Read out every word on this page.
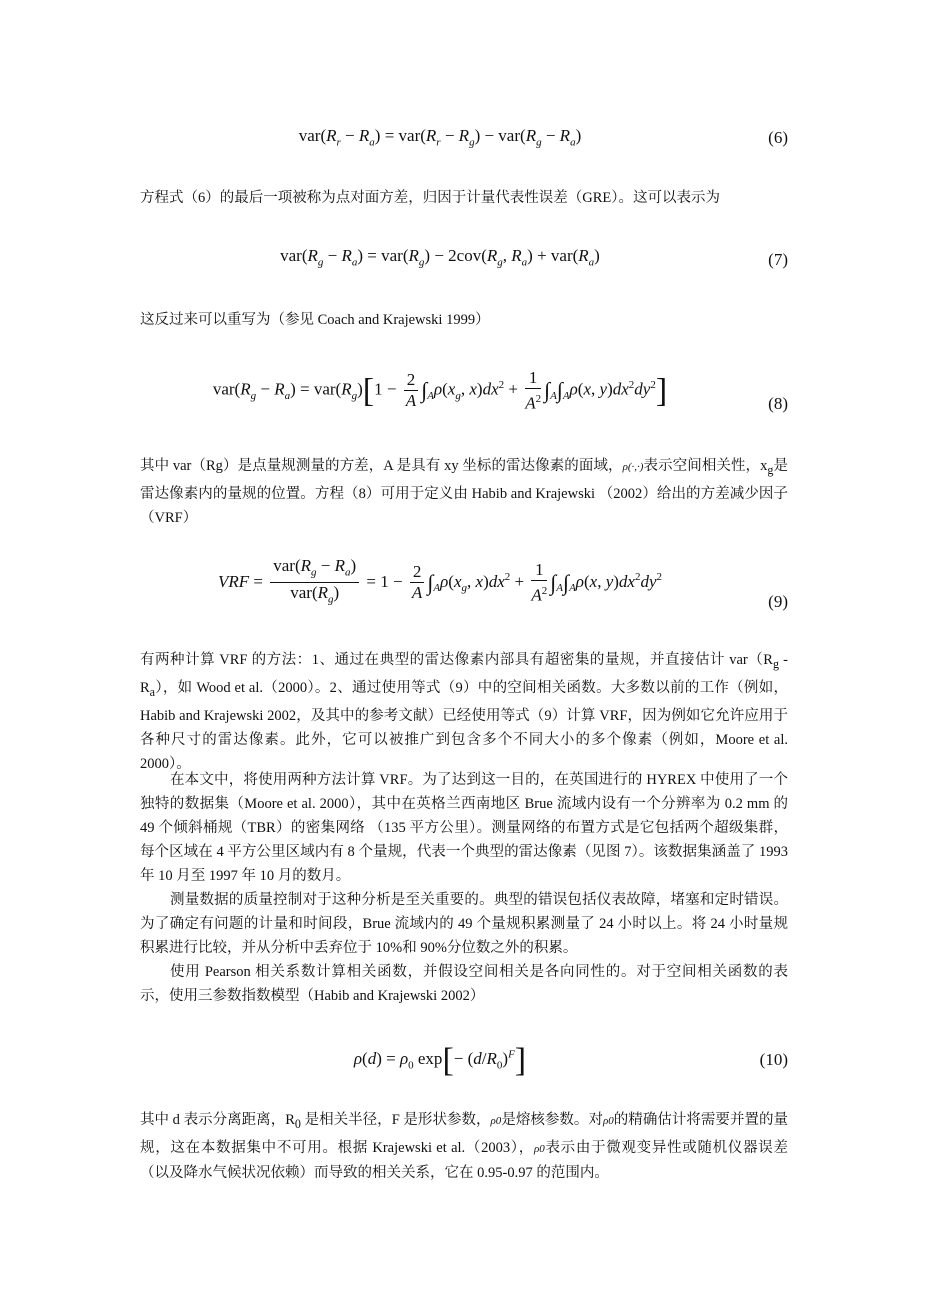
$var(R_r - R_a) = var(R_r - R_g) - var(R_g - R_a)$	(6)

方程式（6）的最后一项被称为点对面方差，归因于计量代表性误差（GRE）。这可以表示为

$var(R_g - R_a) = var(R_g) - 2cov(R_g$, $R_a) + var(R_a)$	(7)

这反过来可以重写为（参见 Coach and Krajewski 1999）

$var(R_g - R_a) = var(R_g)[1 - \frac{2}{A} \int_A\rho(x_g$, $x)dx^2 + \frac{1}{A^2} \int_A\int_A\rho(x$, $y)dx^2dy^2$]	(8)

其中 var（Rg）是点量规测量的方差，A 是具有 xy 坐标的雷达像素的面域，ρ(·,·)表示空间相关性，$x_g$是雷达像素内的量规的位置。方程（8）可用于定义由 Habib and Krajewski （2002）给出的方差减少因子（VRF）

VRF = $\frac{var(R_g - R_a)}{var(R_g)} = 1 - \frac{2}{A} \int_A\rho(x_g$, $x)dx^2 + \frac{1}{A^2} \int_A\int_A\rho(x$, $y)dx^2dy^2$
(9)

有两种计算 VRF 的方法：1、通过在典型的雷达像素内部具有超密集的量规，并直接估计 $var(R_g - R_a)$，如 Wood et al.（2000）。2、通过使用等式（9）中的空间相关函数。大多数以前的工作（例如，Habib and Krajewski 2002，及其中的参考文献）已经使用等式（9）计算 VRF，因为例如它允许应用于各种尺寸的雷达像素。此外，它可以被推广到包含多个不同大小的多个像素（例如，Moore et al. 2000）。

在本文中，将使用两种方法计算 VRF。为了达到这一目的，在英国进行的 HYREX 中使用了一个独特的数据集（Moore et al. 2000），其中在英格兰西南地区 Brue 流域内设有一个分辨率为 0.2 mm 的 49 个倾斜桶规（TBR）的密集网络 （135 平方公里）。测量网络的布置方式是它包括两个超级集群，每个区域在 4 平方公里区域内有 8 个量规，代表一个典型的雷达像素（见图 7）。该数据集涵盖了 1993 年 10 月至 1997 年 10 月的数月。

测量数据的质量控制对于这种分析是至关重要的。典型的错误包括仪表故障，堵塞和定时错误。为了确定有问题的计量和时间段，Brue 流域内的 49 个量规积累测量了 24 小时以上。将 24 小时量规积累进行比较，并从分析中丢弃位于 10%和 90%分位数之外的积累。

使用 Pearson 相关系数计算相关函数，并假设空间相关是各向同性的。对于空间相关函数的表示，使用三参数指数模型（Habib and Krajewski 2002）

$\rho(d) = \rho_0$ $\exp[- (d/R_0)^F]$	(10)

其中 d 表示分离距离，$R_0$ 是相关半径，F 是形状参数，ρ0是熔核参数。对ρ0的精确估计将需要并置的量规，这在本数据集中不可用。根据 Krajewski et al.（2003），ρ0表示由于微观变异性或随机仪器误差（以及降水气候状况依赖）而导致的相关关系，它在 0.95-0.97 的范围内。
